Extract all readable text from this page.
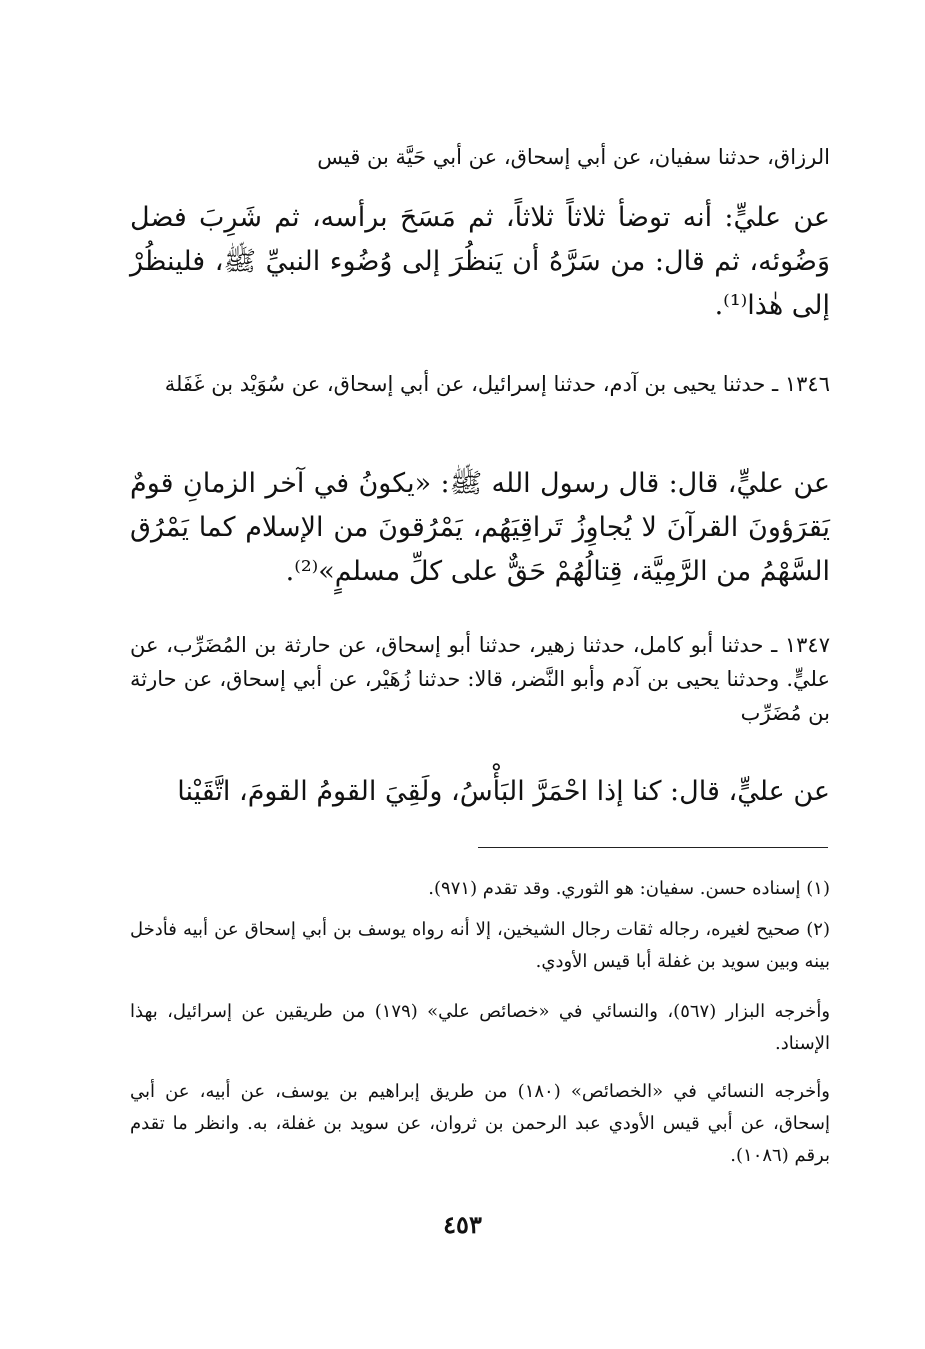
الرزاق، حدثنا سفيان، عن أبي إسحاق، عن أبي حَيَّة بن قيس

عن عليٍّ: أنه توضأ ثلاثاً ثلاثاً، ثم مَسَحَ برأسه، ثم شَرِبَ فضل وَضُوئه، ثم قال: من سَرَّهُ أن يَنظُرَ إلى وُضُوء النبيِّ ﷺ، فلينظُرْ إلى هٰذا⁽¹⁾.

١٣٤٦ ـ حدثنا يحيى بن آدم، حدثنا إسرائيل، عن أبي إسحاق، عن سُوَيْد بن غَفَلة

عن عليٍّ، قال: قال رسول الله ﷺ: «يكونُ في آخر الزمانِ قومٌ يَقرَؤونَ القرآنَ لا يُجاوِزُ تَراقِيَهُم، يَمْرُقونَ من الإسلام كما يَمْرُق السَّهْمُ من الرَّمِيَّة، قِتالُهُمْ حَقٌّ على كلِّ مسلمٍ»⁽²⁾.

١٣٤٧ ـ حدثنا أبو كامل، حدثنا زهير، حدثنا أبو إسحاق، عن حارثة بن المُضَرِّب، عن عليٍّ. وحدثنا يحيى بن آدم وأبو النَّضر، قالا: حدثنا زُهَيْر، عن أبي إسحاق، عن حارثة بن مُضَرِّب

عن عليٍّ، قال: كنا إذا احْمَرَّ البَأْسُ، ولَقِيَ القومُ القومَ، اتَّقَيْنا

(١) إسناده حسن. سفيان: هو الثوري. وقد تقدم (٩٧١).

(٢) صحيح لغيره، رجاله ثقات رجال الشيخين، إلا أنه رواه يوسف بن أبي إسحاق عن أبيه فأدخل بينه وبين سويد بن غفلة أبا قيس الأودي.

وأخرجه البزار (٥٦٧)، والنسائي في «خصائص علي» (١٧٩) من طريقين عن إسرائيل، بهذا الإسناد.

وأخرجه النسائي في «الخصائص» (١٨٠) من طريق إبراهيم بن يوسف، عن أبيه، عن أبي إسحاق، عن أبي قيس الأودي عبد الرحمن بن ثروان، عن سويد بن غفلة، به. وانظر ما تقدم برقم (١٠٨٦).

٤٥٣
